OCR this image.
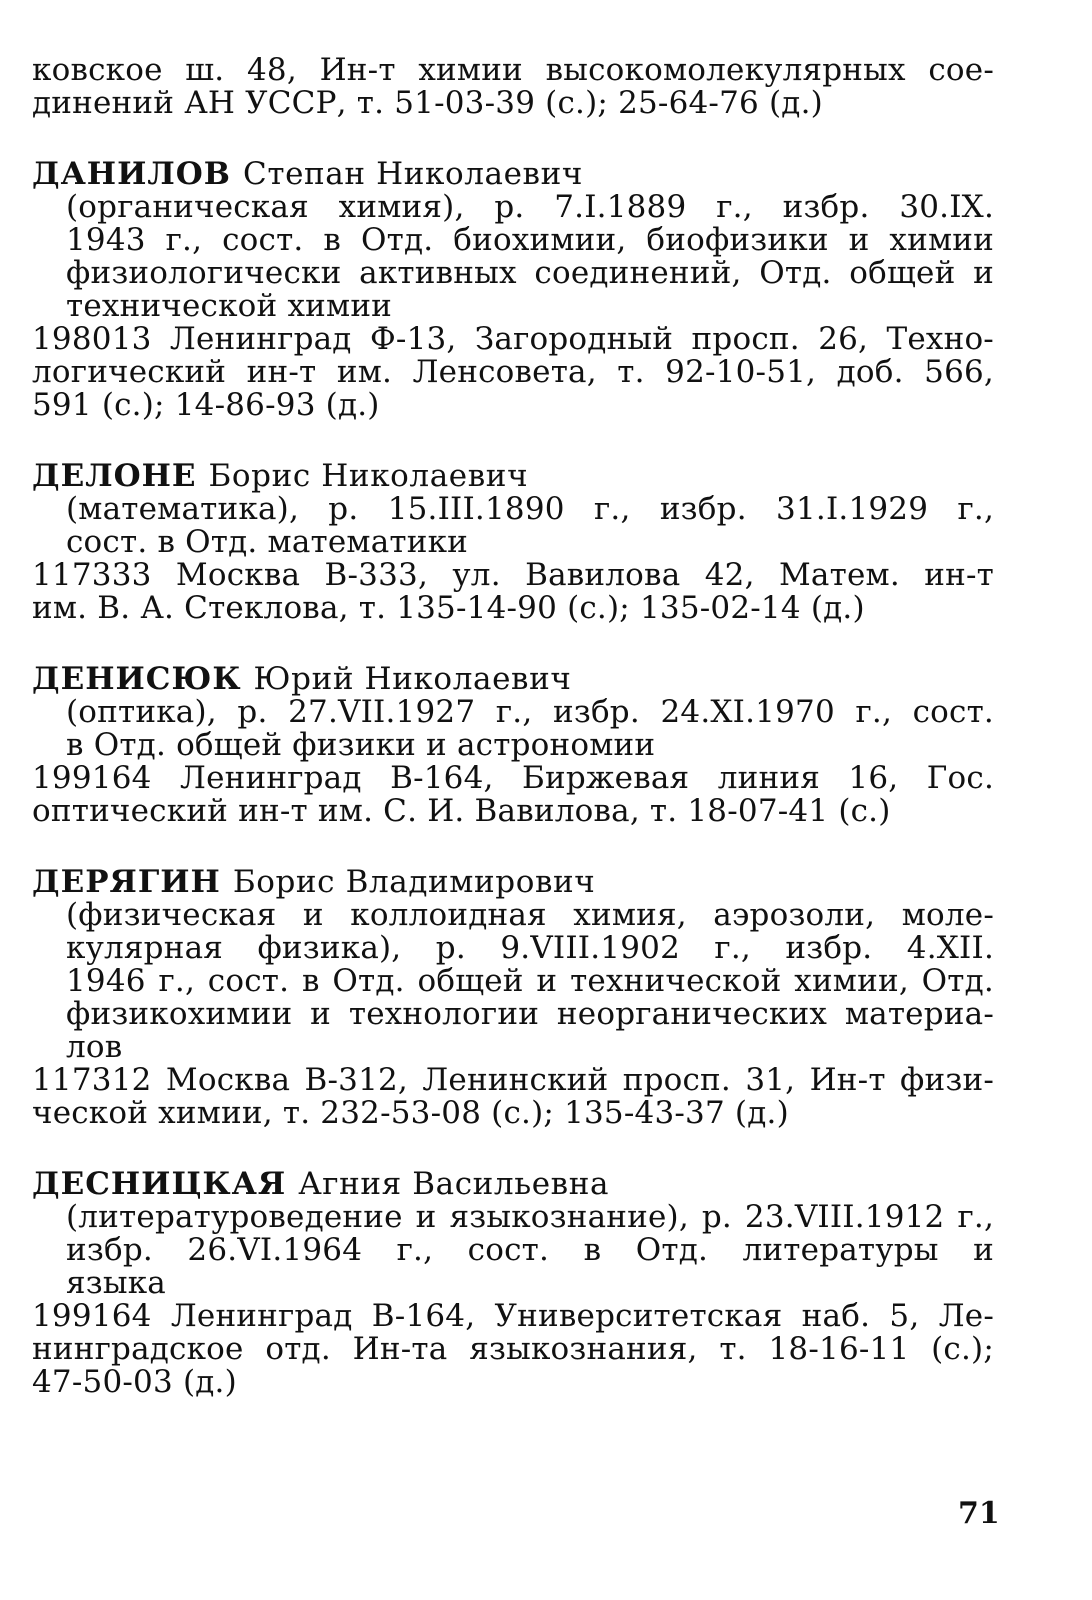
ковское ш. 48, Ин-т химии высокомолекулярных сое-
динений АН УССР, т. 51-03-39 (с.); 25-64-76 (д.)
ДАНИЛОВ Степан Николаевич
(органическая химия), р. 7.I.1889 г., избр. 30.IX.
1943 г., сост. в Отд. биохимии, биофизики и химии
физиологически активных соединений, Отд. общей и
технической химии
198013 Ленинград Ф-13, Загородный просп. 26, Техно-
логический ин-т им. Ленсовета, т. 92-10-51, доб. 566,
591 (с.); 14-86-93 (д.)
ДЕЛОНЕ Борис Николаевич
(математика), р. 15.III.1890 г., избр. 31.I.1929 г.,
сост. в Отд. математики
117333 Москва В-333, ул. Вавилова 42, Матем. ин-т
им. В. А. Стеклова, т. 135-14-90 (с.); 135-02-14 (д.)
ДЕНИСЮК Юрий Николаевич
(оптика), р. 27.VII.1927 г., избр. 24.XI.1970 г., сост.
в Отд. общей физики и астрономии
199164 Ленинград В-164, Биржевая линия 16, Гос.
оптический ин-т им. С. И. Вавилова, т. 18-07-41 (с.)
ДЕРЯГИН Борис Владимирович
(физическая и коллоидная химия, аэрозоли, моле-
кулярная физика), р. 9.VIII.1902 г., избр. 4.XII.
1946 г., сост. в Отд. общей и технической химии, Отд.
физикохимии и технологии неорганических материа-
лов
117312 Москва В-312, Ленинский просп. 31, Ин-т физи-
ческой химии, т. 232-53-08 (с.); 135-43-37 (д.)
ДЕСНИЦКАЯ Агния Васильевна
(литературоведение и языкознание), р. 23.VIII.1912 г.,
избр. 26.VI.1964 г., сост. в Отд. литературы и
языка
199164 Ленинград В-164, Университетская наб. 5, Ле-
нинградское отд. Ин-та языкознания, т. 18-16-11 (с.);
47-50-03 (д.)
71
